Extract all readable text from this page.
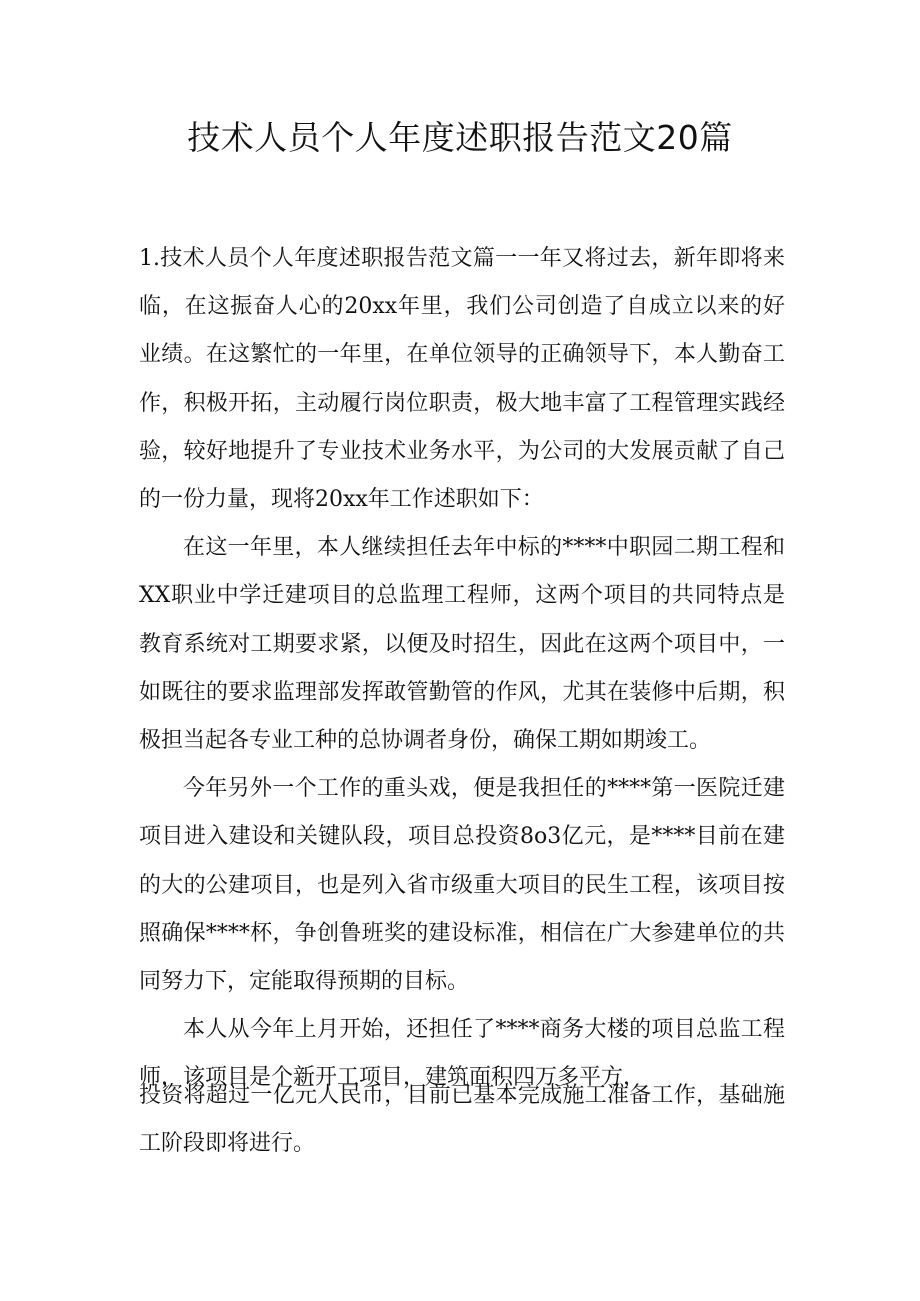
技术人员个人年度述职报告范文20篇

1.技术人员个人年度述职报告范文篇一一年又将过去，新年即将来临，在这振奋人心的20xx年里，我们公司创造了自成立以来的好业绩。在这繁忙的一年里，在单位领导的正确领导下，本人勤奋工作，积极开拓，主动履行岗位职责，极大地丰富了工程管理实践经验，较好地提升了专业技术业务水平，为公司的大发展贡献了自己的一份力量，现将20xx年工作述职如下：

在这一年里，本人继续担任去年中标的****中职园二期工程和XX职业中学迁建项目的总监理工程师，这两个项目的共同特点是教育系统对工期要求紧，以便及时招生，因此在这两个项目中，一如既往的要求监理部发挥敢管勤管的作风，尤其在装修中后期，积极担当起各专业工种的总协调者身份，确保工期如期竣工。

今年另外一个工作的重头戏，便是我担任的****第一医院迁建项目进入建设和关键队段，项目总投资8o3亿元，是****目前在建的大的公建项目，也是列入省市级重大项目的民生工程，该项目按照确保****杯，争创鲁班奖的建设标准，相信在广大参建单位的共同努力下，定能取得预期的目标。

本人从今年上月开始，还担任了****商务大楼的项目总监工程师，该项目是个新开工项目，建筑面积四万多平方，

投资将超过一亿元人民币，目前已基本完成施工准备工作，基础施工阶段即将进行。
